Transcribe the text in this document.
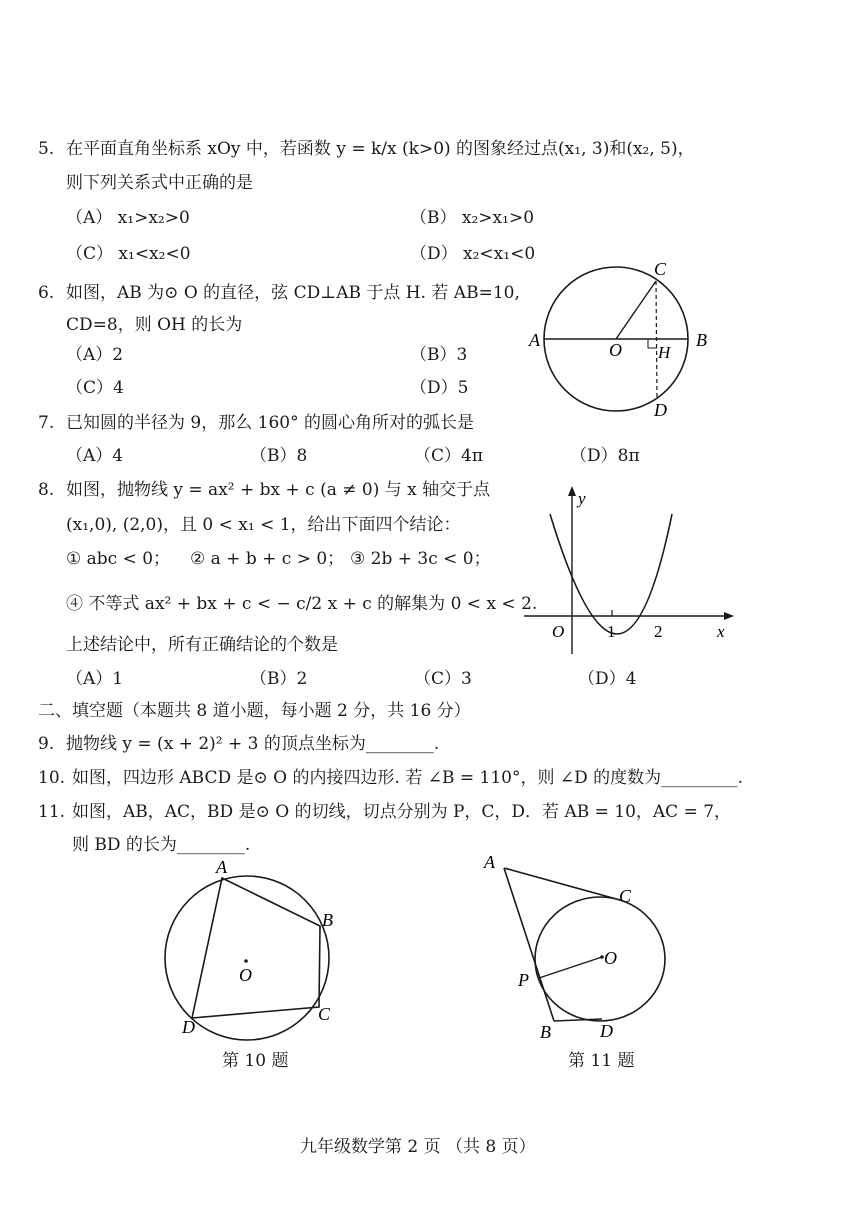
5. 在平面直角坐标系 xOy 中，若函数 y = k/x (k>0) 的图象经过点(x₁, 3)和(x₂, 5)，
则下列关系式中正确的是
（A） x₁>x₂>0	（B） x₂>x₁>0
（C） x₁<x₂<0	（D） x₂<x₁<0
6. 如图，AB 为⊙ O 的直径，弦 CD⊥AB 于点 H. 若 AB=10,
CD=8，则 OH 的长为
（A）2	（B）3
（C）4	（D）5
A	B
C
D
O H
7. 已知圆的半径为 9，那么 160° 的圆心角所对的弧长是
（A）4	（B）8	（C）4π	（D）8π
8. 如图，抛物线 y = ax² + bx + c (a ≠ 0) 与 x 轴交于点
(x₁,0), (2,0)，且 0 < x₁ < 1，给出下面四个结论：
① abc < 0； ② a + b + c > 0； ③ 2b + 3c < 0；
④ 不等式 ax² + bx + c < − c/2 x + c 的解集为 0 < x < 2.
上述结论中，所有正确结论的个数是
（A）1	（B）2	（C）3	（D）4
y
x
O	1 2
二、填空题（本题共 8 道小题，每小题 2 分，共 16 分）
9. 抛物线 y = (x + 2)² + 3 的顶点坐标为________.
10. 如图，四边形 ABCD 是⊙ O 的内接四边形. 若 ∠B = 110°，则 ∠D 的度数为_________.
11. 如图，AB，AC，BD 是⊙ O 的切线，切点分别为 P，C，D．若 AB = 10，AC = 7，
则 BD 的长为________.
A
B
C
D
O
第 10 题
A
C
O
P
B	D
第 11 题
九年级数学第 2 页 （共 8 页）
